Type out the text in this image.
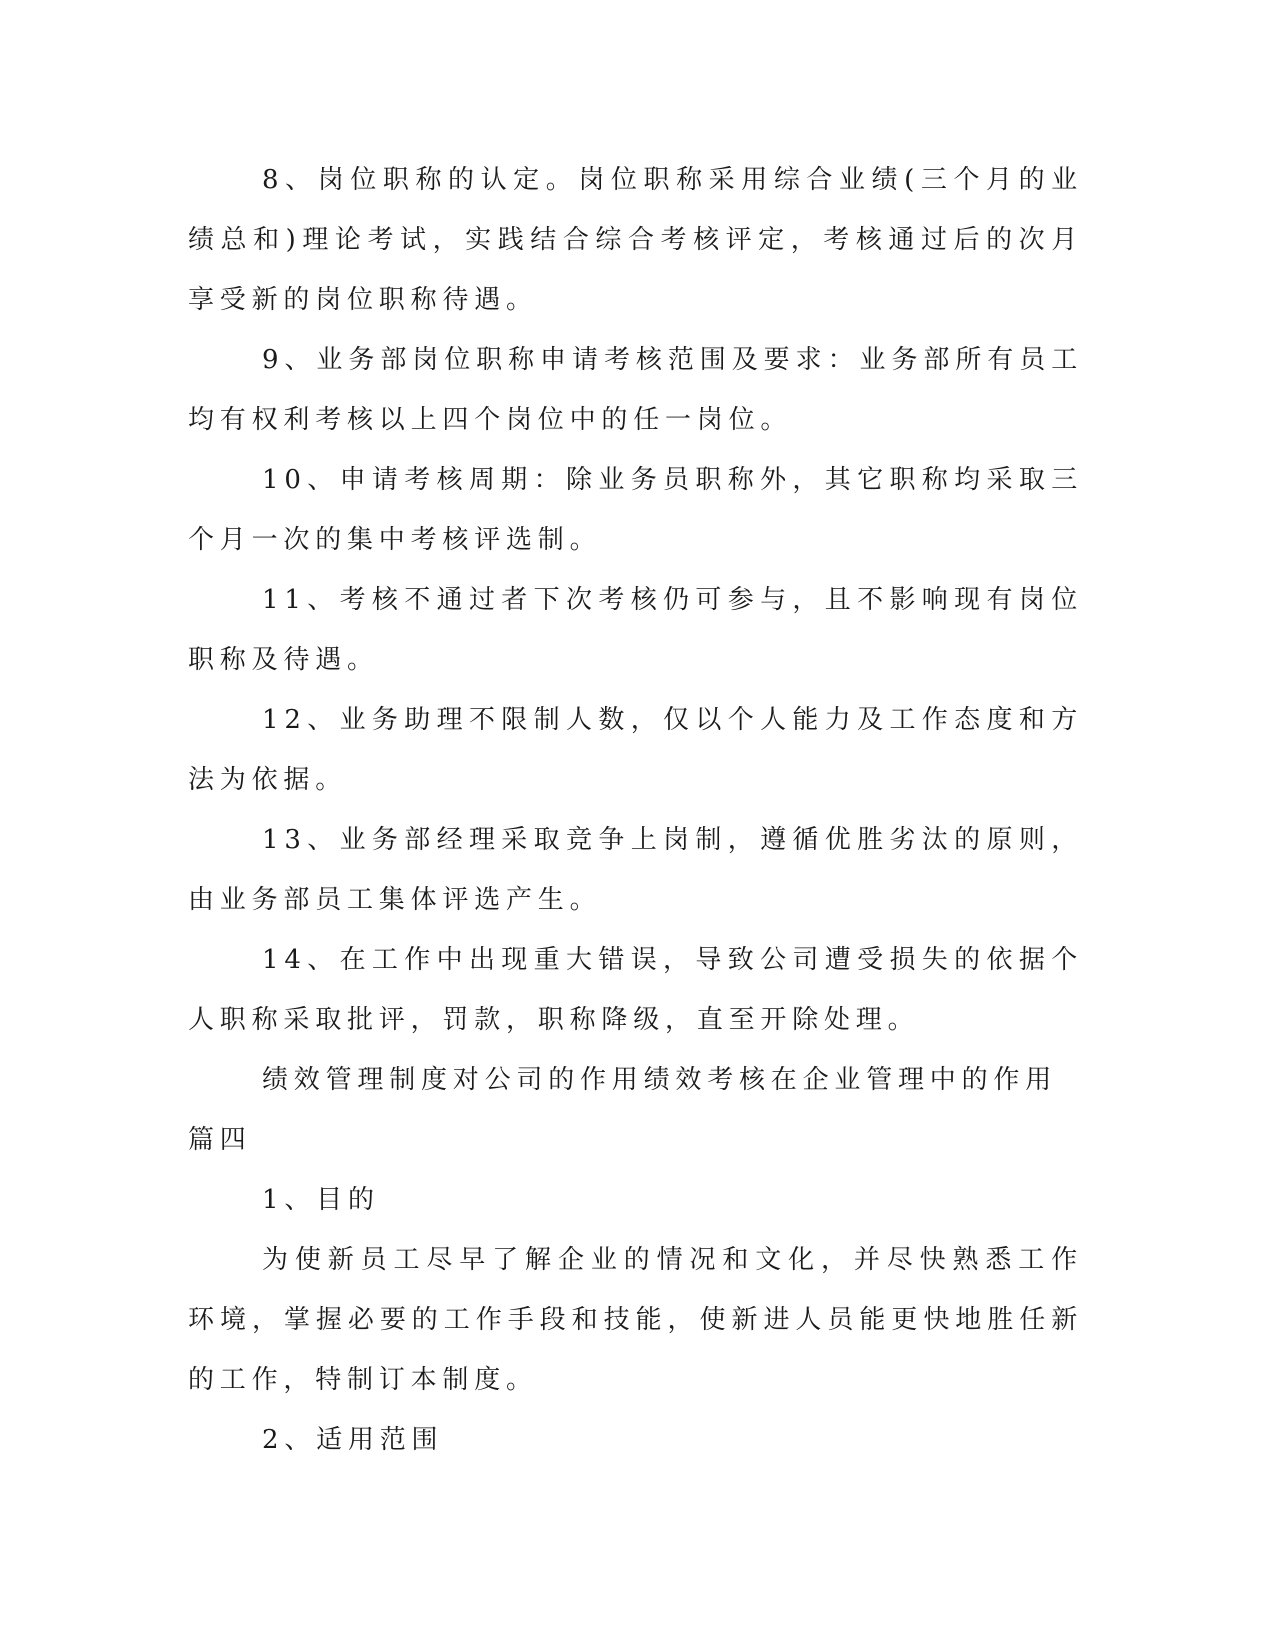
8、岗位职称的认定。岗位职称采用综合业绩(三个月的业绩总和)理论考试，实践结合综合考核评定，考核通过后的次月享受新的岗位职称待遇。

9、业务部岗位职称申请考核范围及要求：业务部所有员工均有权利考核以上四个岗位中的任一岗位。

10、申请考核周期：除业务员职称外，其它职称均采取三个月一次的集中考核评选制。

11、考核不通过者下次考核仍可参与，且不影响现有岗位职称及待遇。

12、业务助理不限制人数，仅以个人能力及工作态度和方法为依据。

13、业务部经理采取竞争上岗制，遵循优胜劣汰的原则，由业务部员工集体评选产生。

14、在工作中出现重大错误，导致公司遭受损失的依据个人职称采取批评，罚款，职称降级，直至开除处理。

绩效管理制度对公司的作用绩效考核在企业管理中的作用篇四

1、目的

为使新员工尽早了解企业的情况和文化，并尽快熟悉工作环境，掌握必要的工作手段和技能，使新进人员能更快地胜任新的工作，特制订本制度。

2、适用范围
